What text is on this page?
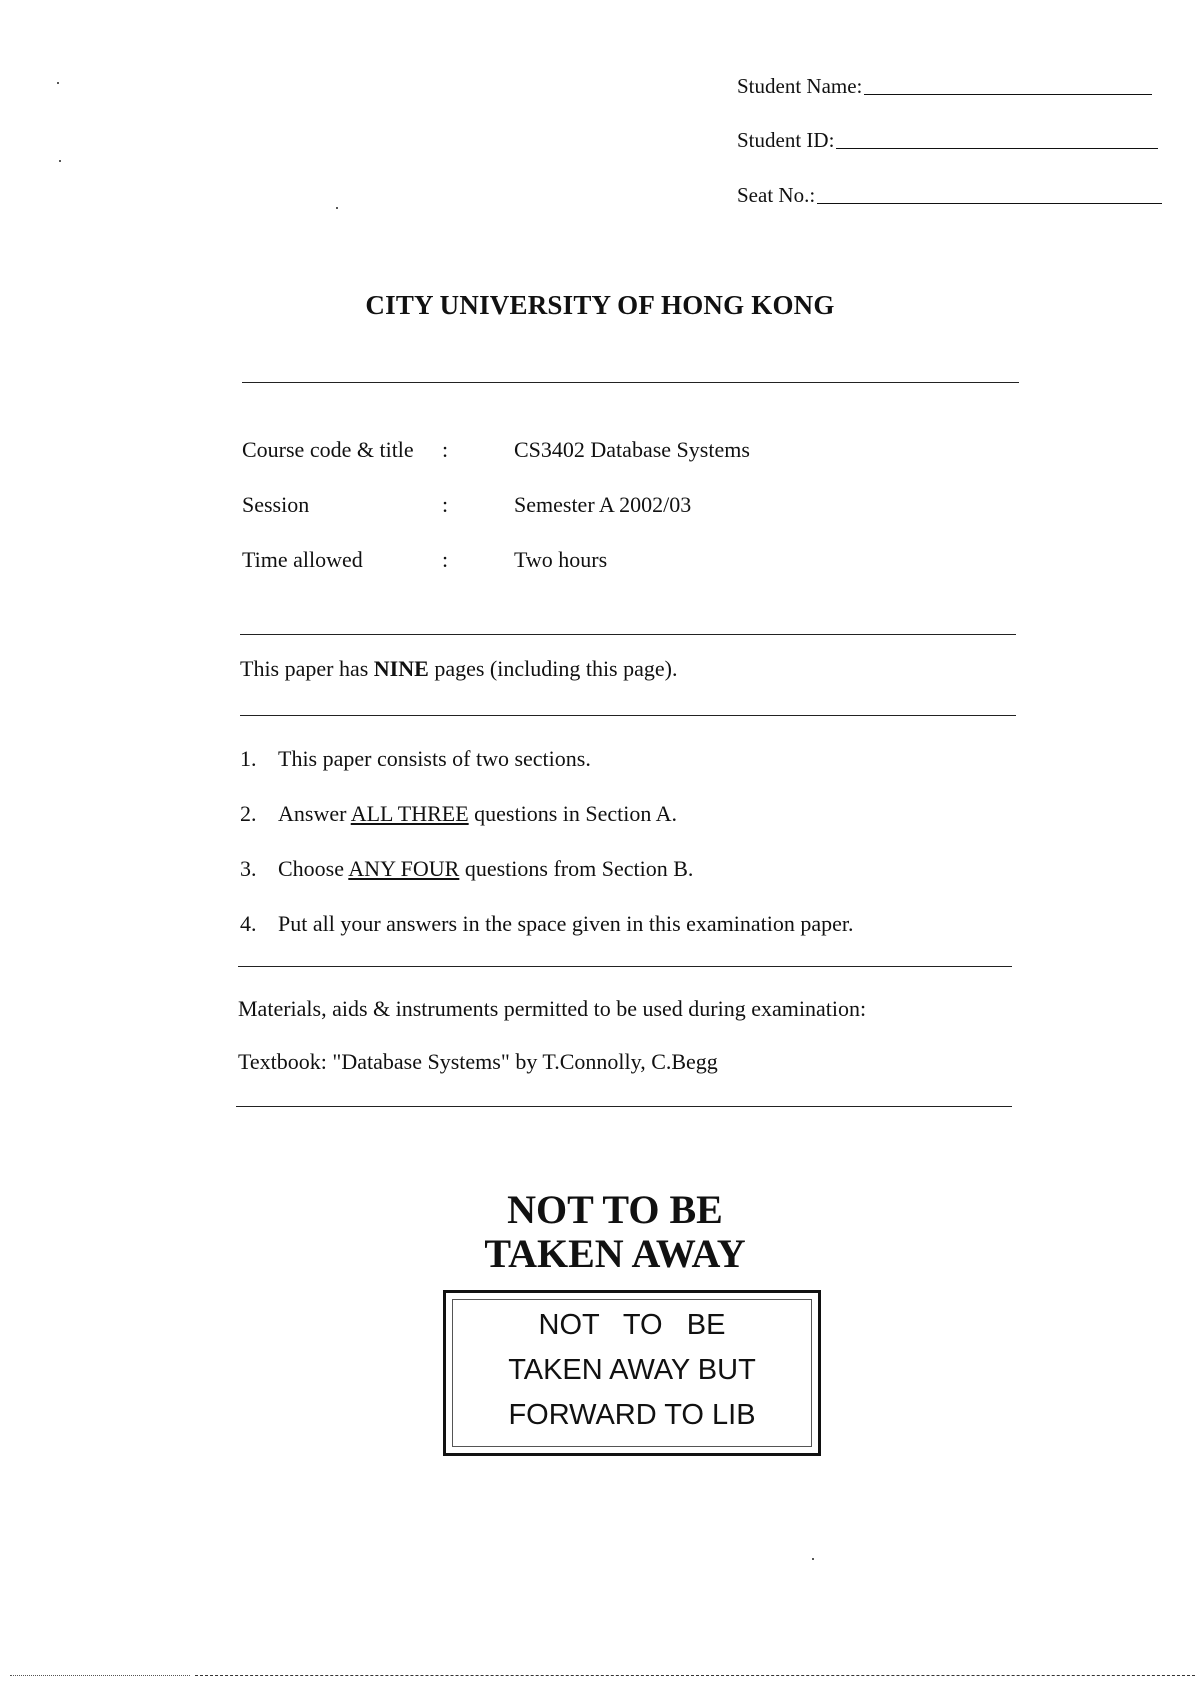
Student Name:
Student ID:
Seat No.:
CITY UNIVERSITY OF HONG KONG
Course code & title	:	CS3402 Database Systems
Session	:	Semester A 2002/03
Time allowed	:	Two hours
This paper has NINE pages (including this page).
1. This paper consists of two sections.
2. Answer ALL THREE questions in Section A.
3. Choose ANY FOUR questions from Section B.
4. Put all your answers in the space given in this examination paper.
Materials, aids & instruments permitted to be used during examination:
Textbook: "Database Systems" by T.Connolly, C.Begg
NOT TO BE
TAKEN AWAY
NOT   TO   BE
TAKEN AWAY BUT
FORWARD TO LIB
